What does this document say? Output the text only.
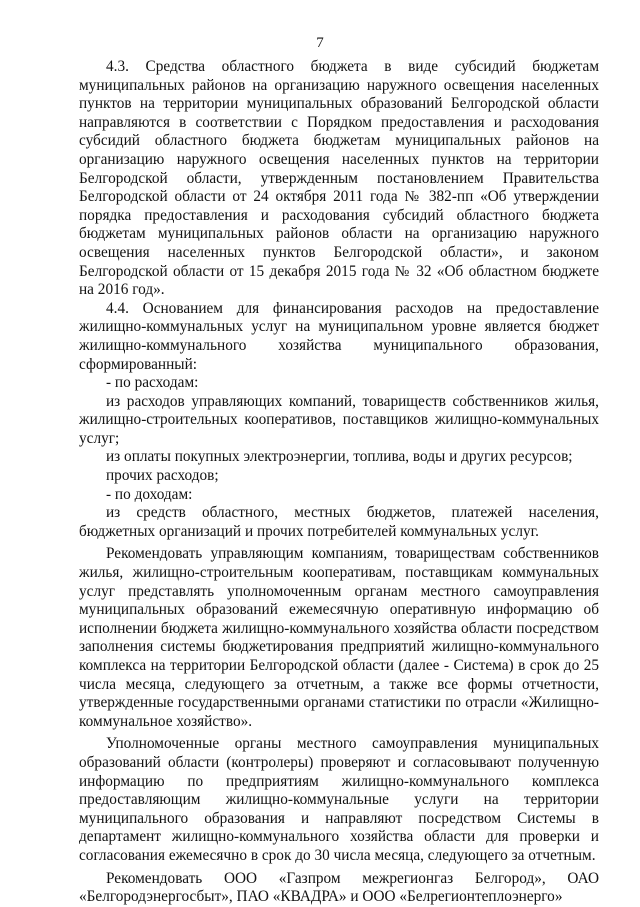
7

4.3. Средства областного бюджета в виде субсидий бюджетам муниципальных районов на организацию наружного освещения населенных пунктов на территории муниципальных образований Белгородской области направляются в соответствии с Порядком предоставления и расходования субсидий областного бюджета бюджетам муниципальных районов на организацию наружного освещения населенных пунктов на территории Белгородской области, утвержденным постановлением Правительства Белгородской области от 24 октября 2011 года № 382-пп «Об утверждении порядка предоставления и расходования субсидий областного бюджета бюджетам муниципальных районов области на организацию наружного освещения населенных пунктов Белгородской области», и законом Белгородской области от 15 декабря 2015 года № 32 «Об областном бюджете на 2016 год».

4.4. Основанием для финансирования расходов на предоставление жилищно-коммунальных услуг на муниципальном уровне является бюджет жилищно-коммунального хозяйства муниципального образования, сформированный:

- по расходам:

из расходов управляющих компаний, товариществ собственников жилья, жилищно-строительных кооперативов, поставщиков жилищно-коммунальных услуг;

из оплаты покупных электроэнергии, топлива, воды и других ресурсов;

прочих расходов;

- по доходам:

из средств областного, местных бюджетов, платежей населения, бюджетных организаций и прочих потребителей коммунальных услуг.

Рекомендовать управляющим компаниям, товариществам собственников жилья, жилищно-строительным кооперативам, поставщикам коммунальных услуг представлять уполномоченным органам местного самоуправления муниципальных образований ежемесячную оперативную информацию об исполнении бюджета жилищно-коммунального хозяйства области посредством заполнения системы бюджетирования предприятий жилищно-коммунального комплекса на территории Белгородской области (далее - Система) в срок до 25 числа месяца, следующего за отчетным, а также все формы отчетности, утвержденные государственными органами статистики по отрасли «Жилищно-коммунальное хозяйство».

Уполномоченные органы местного самоуправления муниципальных образований области (контролеры) проверяют и согласовывают полученную информацию по предприятиям жилищно-коммунального комплекса предоставляющим жилищно-коммунальные услуги на территории муниципального образования и направляют посредством Системы в департамент жилищно-коммунального хозяйства области для проверки и согласования ежемесячно в срок до 30 числа месяца, следующего за отчетным.

Рекомендовать ООО «Газпром межрегионгаз Белгород», ОАО «Белгородэнергосбыт», ПАО «КВАДРА» и ООО «Белрегионтеплоэнерго»
